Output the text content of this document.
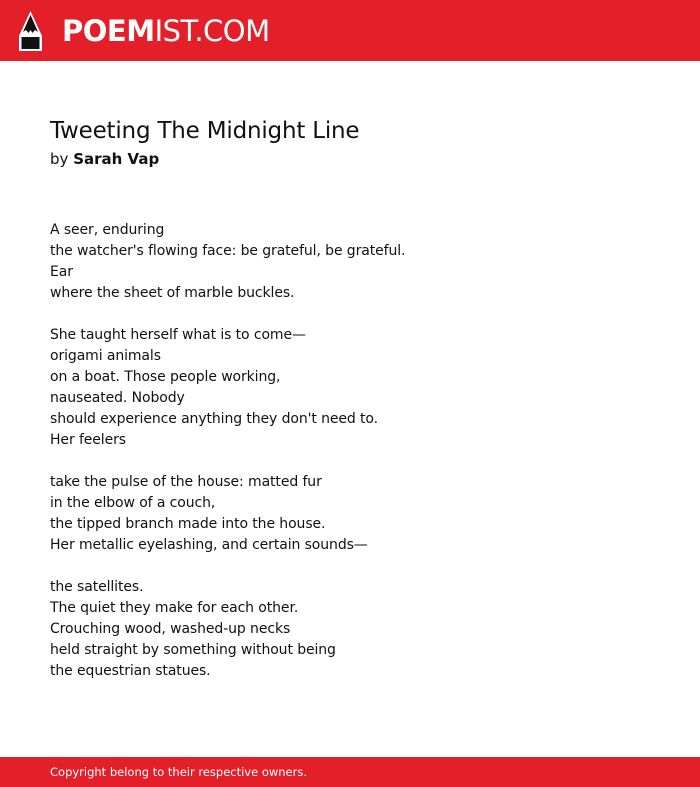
POEMIST.COM
Tweeting The Midnight Line
by Sarah Vap
A seer, enduring
the watcher's flowing face: be grateful, be grateful.
Ear
where the sheet of marble buckles.
She taught herself what is to come—
origami animals
on a boat. Those people working,
nauseated. Nobody
should experience anything they don't need to.
Her feelers
take the pulse of the house: matted fur
in the elbow of a couch,
the tipped branch made into the house.
Her metallic eyelashing, and certain sounds—
the satellites.
The quiet they make for each other.
Crouching wood, washed-up necks
held straight by something without being
the equestrian statues.
Copyright belong to their respective owners.
